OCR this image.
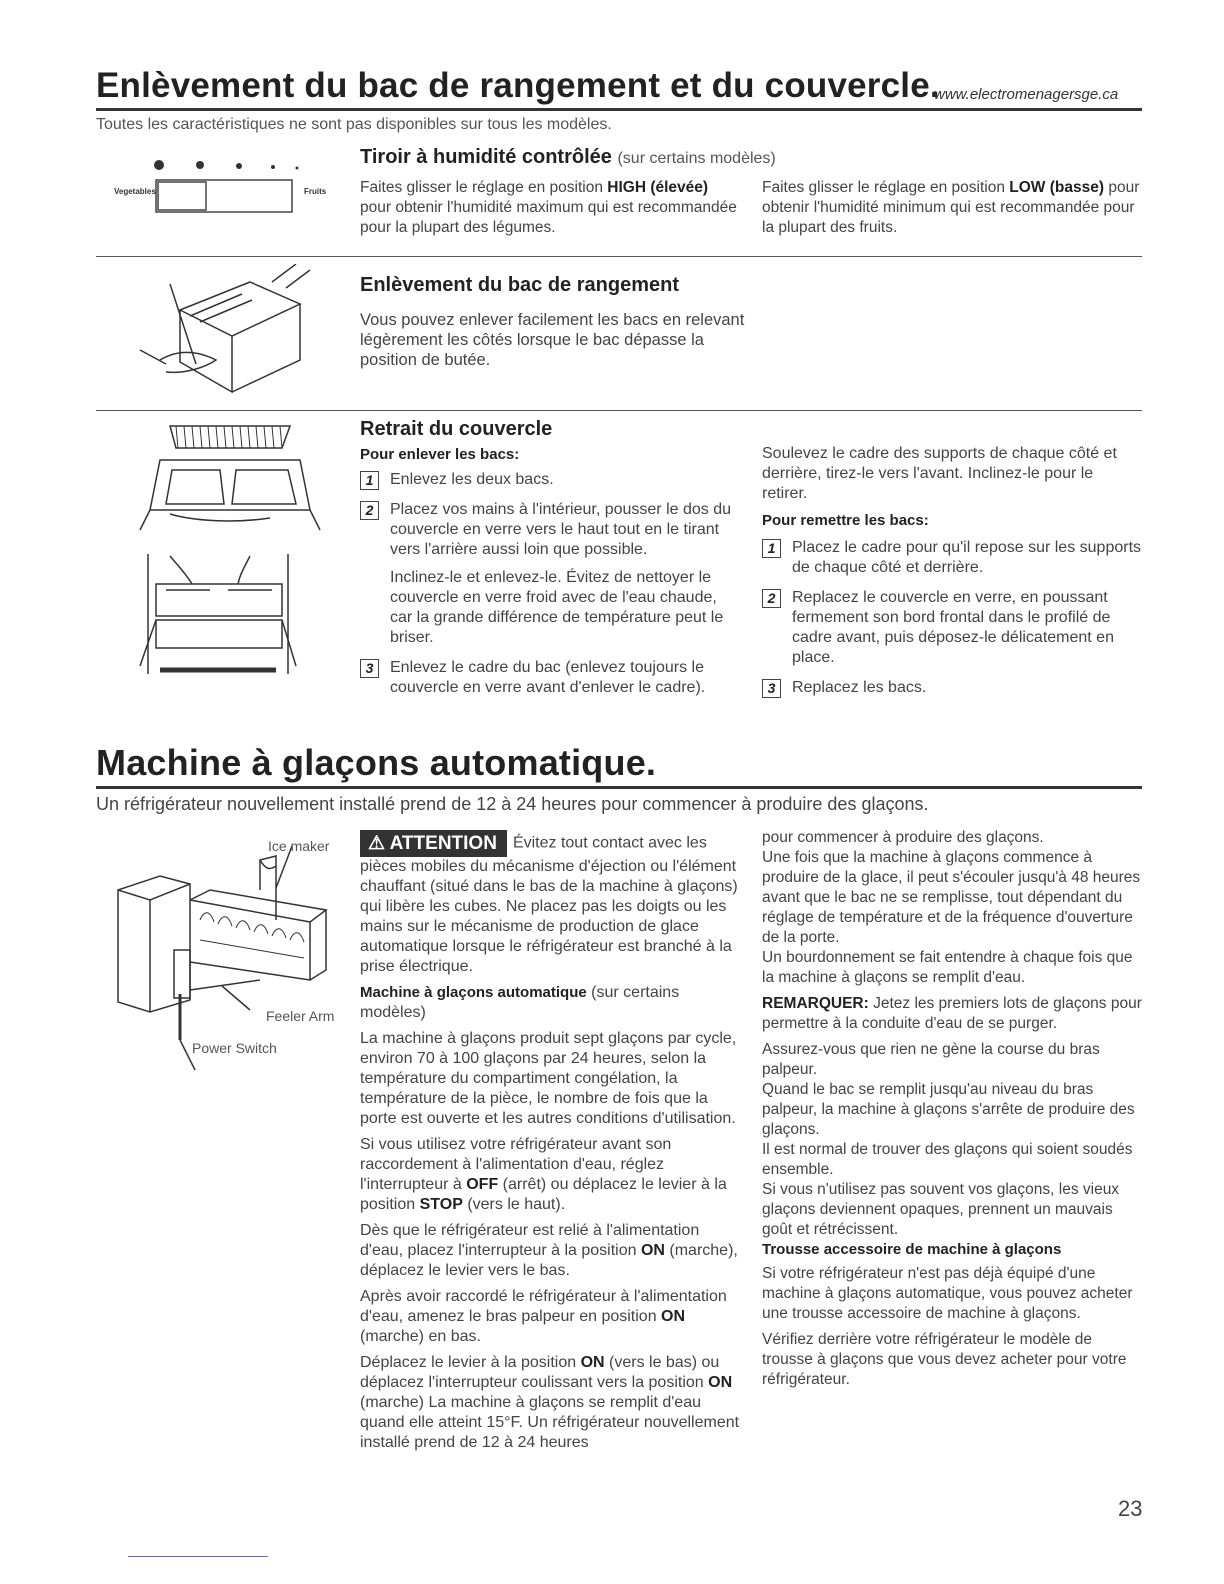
Enlèvement du bac de rangement et du couvercle.
www.electromenagersge.ca
Toutes les caractéristiques ne sont pas disponibles sur tous les modèles.
Vegetables	Fruits
Tiroir à humidité contrôlée (sur certains modèles)
Faites glisser le réglage en position HIGH (élevée) pour obtenir l'humidité maximum qui est recommandée pour la plupart des légumes.
Faites glisser le réglage en position LOW (basse) pour obtenir l'humidité minimum qui est recommandée pour la plupart des fruits.
Enlèvement du bac de rangement
Vous pouvez enlever facilement les bacs en relevant légèrement les côtés lorsque le bac dépasse la position de butée.
Retrait du couvercle
Pour enlever les bacs:
1	Enlevez les deux bacs.
2	Placez vos mains à l'intérieur, pousser le dos du couvercle en verre vers le haut tout en le tirant vers l'arrière aussi loin que possible.
Inclinez-le et enlevez-le. Évitez de nettoyer le couvercle en verre froid avec de l'eau chaude, car la grande différence de température peut le briser.
3	Enlevez le cadre du bac (enlevez toujours le couvercle en verre avant d'enlever le cadre).
Soulevez le cadre des supports de chaque côté et derrière, tirez-le vers l'avant. Inclinez-le pour le retirer.
Pour remettre les bacs:
1	Placez le cadre pour qu'il repose sur les supports de chaque côté et derrière.
2	Replacez le couvercle en verre, en poussant fermement son bord frontal dans le profilé de cadre avant, puis déposez-le délicatement en place.
3	Replacez les bacs.
Machine à glaçons automatique.
Un réfrigérateur nouvellement installé prend de 12 à 24 heures pour commencer à produire des glaçons.
Ice maker
Feeler Arm
Power Switch
⚠ ATTENTION Évitez tout contact avec les pièces mobiles du mécanisme d'éjection ou l'élément chauffant (situé dans le bas de la machine à glaçons) qui libère les cubes. Ne placez pas les doigts ou les mains sur le mécanisme de production de glace automatique lorsque le réfrigérateur est branché à la prise électrique.
Machine à glaçons automatique (sur certains modèles)
La machine à glaçons produit sept glaçons par cycle, environ 70 à 100 glaçons par 24 heures, selon la température du compartiment congélation, la température de la pièce, le nombre de fois que la porte est ouverte et les autres conditions d'utilisation.
Si vous utilisez votre réfrigérateur avant son raccordement à l'alimentation d'eau, réglez l'interrupteur à OFF (arrêt) ou déplacez le levier à la position STOP (vers le haut).
Dès que le réfrigérateur est relié à l'alimentation d'eau, placez l'interrupteur à la position ON (marche), déplacez le levier vers le bas.
Après avoir raccordé le réfrigérateur à l'alimentation d'eau, amenez le bras palpeur en position ON (marche) en bas.
Déplacez le levier à la position ON (vers le bas) ou déplacez l'interrupteur coulissant vers la position ON (marche) La machine à glaçons se remplit d'eau quand elle atteint 15°F. Un réfrigérateur nouvellement installé prend de 12 à 24 heures
pour commencer à produire des glaçons.
Une fois que la machine à glaçons commence à produire de la glace, il peut s'écouler jusqu'à 48 heures avant que le bac ne se remplisse, tout dépendant du réglage de température et de la fréquence d'ouverture de la porte.
Un bourdonnement se fait entendre à chaque fois que la machine à glaçons se remplit d'eau.
REMARQUER: Jetez les premiers lots de glaçons pour permettre à la conduite d'eau de se purger.
Assurez-vous que rien ne gène la course du bras palpeur.
Quand le bac se remplit jusqu'au niveau du bras palpeur, la machine à glaçons s'arrête de produire des glaçons.
Il est normal de trouver des glaçons qui soient soudés ensemble.
Si vous n'utilisez pas souvent vos glaçons, les vieux glaçons deviennent opaques, prennent un mauvais goût et rétrécissent.
Trousse accessoire de machine à glaçons
Si votre réfrigérateur n'est pas déjà équipé d'une machine à glaçons automatique, vous pouvez acheter une trousse accessoire de machine à glaçons.
Vérifiez derrière votre réfrigérateur le modèle de trousse à glaçons que vous devez acheter pour votre réfrigérateur.
23
